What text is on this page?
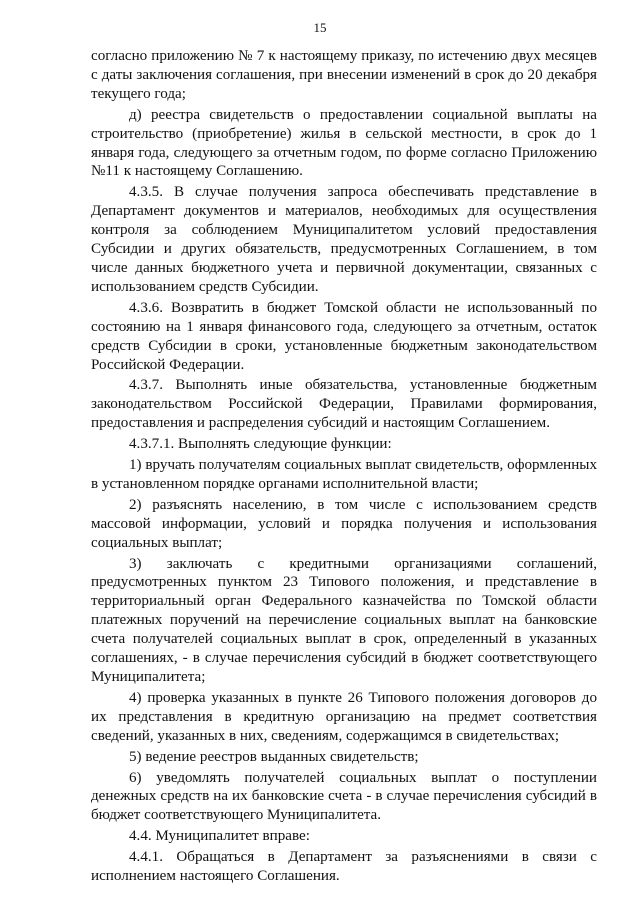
15

согласно приложению № 7 к настоящему приказу, по истечению двух месяцев с даты заключения соглашения, при внесении изменений в срок до 20 декабря текущего года;

д) реестра свидетельств о предоставлении социальной выплаты на строительство (приобретение) жилья в сельской местности, в срок до 1 января года, следующего за отчетным годом, по форме согласно Приложению №11 к настоящему Соглашению.

4.3.5. В случае получения запроса обеспечивать представление в Департамент документов и материалов, необходимых для осуществления контроля за соблюдением Муниципалитетом условий предоставления Субсидии и других обязательств, предусмотренных Соглашением, в том числе данных бюджетного учета и первичной документации, связанных с использованием средств Субсидии.

4.3.6. Возвратить в бюджет Томской области не использованный по состоянию на 1 января финансового года, следующего за отчетным, остаток средств Субсидии в сроки, установленные бюджетным законодательством Российской Федерации.

4.3.7. Выполнять иные обязательства, установленные бюджетным законодательством Российской Федерации, Правилами формирования, предоставления и распределения субсидий и настоящим Соглашением.

4.3.7.1. Выполнять следующие функции:

1) вручать получателям социальных выплат свидетельств, оформленных в установленном порядке органами исполнительной власти;

2) разъяснять населению, в том числе с использованием средств массовой информации, условий и порядка получения и использования социальных выплат;

3) заключать с кредитными организациями соглашений, предусмотренных пунктом 23 Типового положения, и представление в территориальный орган Федерального казначейства по Томской области платежных поручений на перечисление социальных выплат на банковские счета получателей социальных выплат в срок, определенный в указанных соглашениях, - в случае перечисления субсидий в бюджет соответствующего Муниципалитета;

4) проверка указанных в пункте 26 Типового положения договоров до их представления в кредитную организацию на предмет соответствия сведений, указанных в них, сведениям, содержащимся в свидетельствах;

5) ведение реестров выданных свидетельств;

6) уведомлять получателей социальных выплат о поступлении денежных средств на их банковские счета - в случае перечисления субсидий в бюджет соответствующего Муниципалитета.

4.4. Муниципалитет вправе:

4.4.1. Обращаться в Департамент за разъяснениями в связи с исполнением настоящего Соглашения.
